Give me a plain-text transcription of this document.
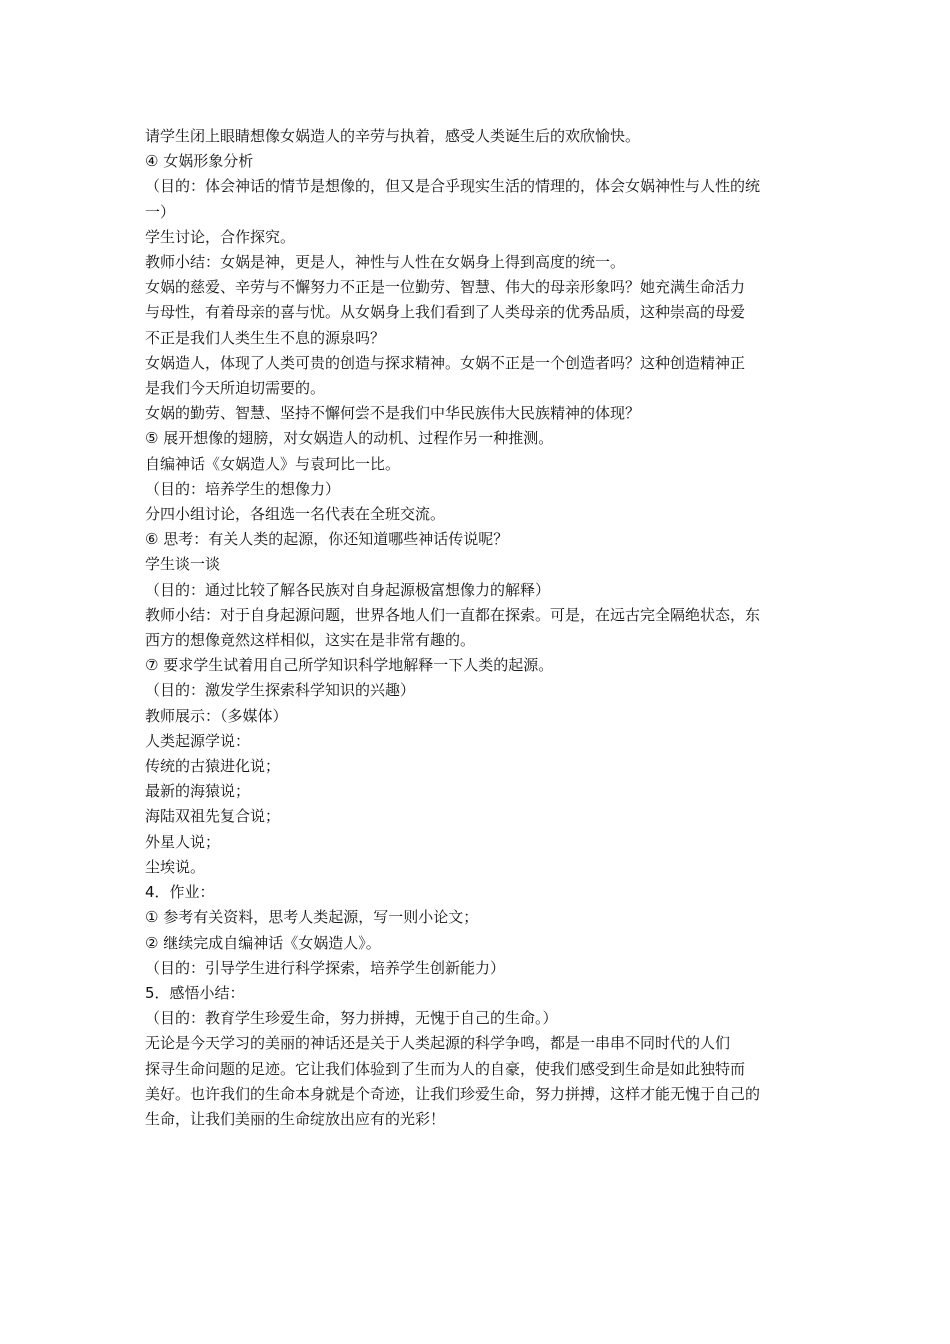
请学生闭上眼睛想像女娲造人的辛劳与执着，感受人类诞生后的欢欣愉快。

④ 女娲形象分析

（目的：体会神话的情节是想像的，但又是合乎现实生活的情理的，体会女娲神性与人性的统

一）

学生讨论，合作探究。

教师小结：女娲是神，更是人，神性与人性在女娲身上得到高度的统一。

女娲的慈爱、辛劳与不懈努力不正是一位勤劳、智慧、伟大的母亲形象吗？她充满生命活力

与母性，有着母亲的喜与忧。从女娲身上我们看到了人类母亲的优秀品质，这种崇高的母爱

不正是我们人类生生不息的源泉吗？

女娲造人，体现了人类可贵的创造与探求精神。女娲不正是一个创造者吗？这种创造精神正

是我们今天所迫切需要的。

女娲的勤劳、智慧、坚持不懈何尝不是我们中华民族伟大民族精神的体现？

⑤ 展开想像的翅膀，对女娲造人的动机、过程作另一种推测。

自编神话《女娲造人》与袁珂比一比。

（目的：培养学生的想像力）

分四小组讨论，各组选一名代表在全班交流。

⑥ 思考：有关人类的起源，你还知道哪些神话传说呢？

学生谈一谈

（目的：通过比较了解各民族对自身起源极富想像力的解释）

教师小结：对于自身起源问题，世界各地人们一直都在探索。可是，在远古完全隔绝状态，东

西方的想像竟然这样相似，这实在是非常有趣的。

⑦ 要求学生试着用自己所学知识科学地解释一下人类的起源。

（目的：激发学生探索科学知识的兴趣）

教师展示：（多媒体）

人类起源学说：

传统的古猿进化说；

最新的海猿说；

海陆双祖先复合说；

外星人说；

尘埃说。

4．作业：

① 参考有关资料，思考人类起源，写一则小论文；

② 继续完成自编神话《女娲造人》。

（目的：引导学生进行科学探索，培养学生创新能力）

5．感悟小结：

（目的：教育学生珍爱生命，努力拼搏，无愧于自己的生命。）

无论是今天学习的美丽的神话还是关于人类起源的科学争鸣，都是一串串不同时代的人们

探寻生命问题的足迹。它让我们体验到了生而为人的自豪，使我们感受到生命是如此独特而

美好。也许我们的生命本身就是个奇迹，让我们珍爱生命，努力拼搏，这样才能无愧于自己的

生命，让我们美丽的生命绽放出应有的光彩！
